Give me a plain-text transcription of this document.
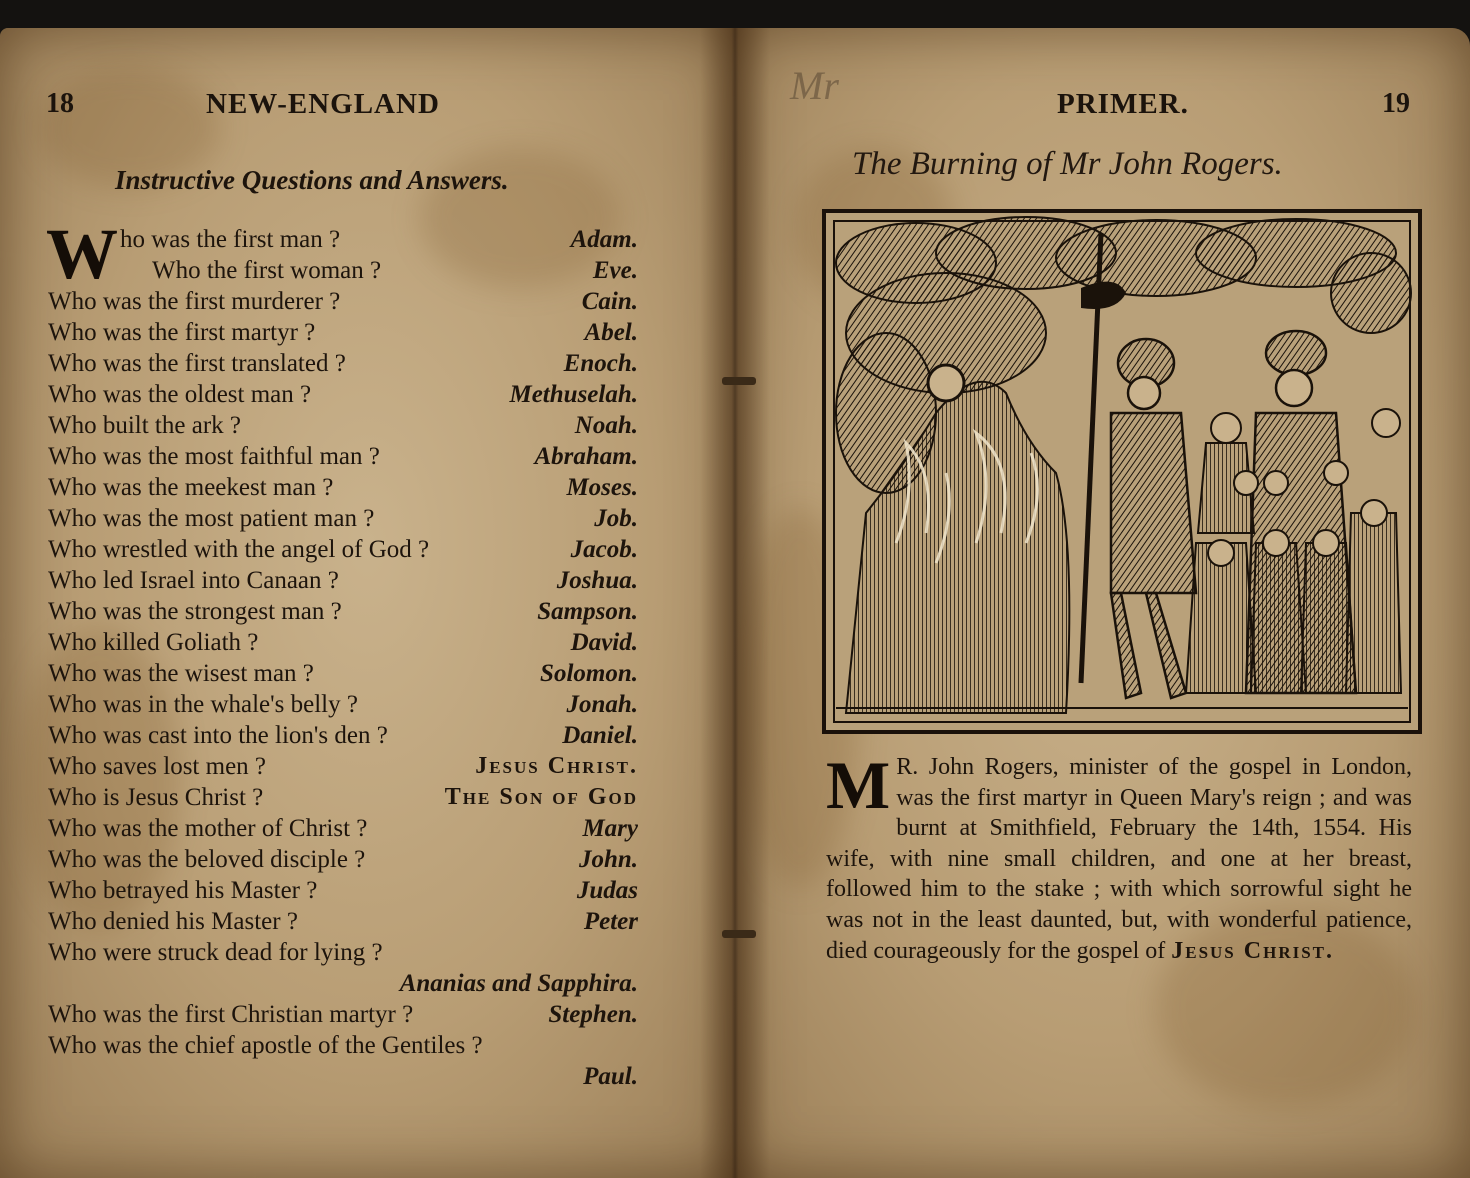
18	NEW-ENGLAND
Instructive Questions and Answers.
W ho was the first man ?	Adam.
Who the first woman ?	Eve.
Who was the first murderer ?	Cain.
Who was the first martyr ?	Abel.
Who was the first translated ?	Enoch.
Who was the oldest man ?	Methuselah.
Who built the ark ?	Noah.
Who was the most faithful man ?	Abraham.
Who was the meekest man ?	Moses.
Who was the most patient man ?	Job.
Who wrestled with the angel of God ?	Jacob.
Who led Israel into Canaan ?	Joshua.
Who was the strongest man ?	Sampson.
Who killed Goliath ?	David.
Who was the wisest man ?	Solomon.
Who was in the whale's belly ?	Jonah.
Who was cast into the lion's den ?	Daniel.
Who saves lost men ?	Jesus Christ.
Who is Jesus Christ ?	The Son of God
Who was the mother of Christ ?	Mary
Who was the beloved disciple ?	John.
Who betrayed his Master ?	Judas
Who denied his Master ?	Peter
Who were struck dead for lying ?
Ananias and Sapphira.
Who was the first Christian martyr ?	Stephen.
Who was the chief apostle of the Gentiles ?
Paul.
Mr	PRIMER.	19
The Burning of Mr John Rogers.
M R. John Rogers, minister of the gospel in London, was the first martyr in Queen Mary's reign ; and was burnt at Smithfield, February the 14th, 1554. His wife, with nine small children, and one at her breast, followed him to the stake ; with which sorrowful sight he was not in the least daunted, but, with wonderful patience, died courageously for the gospel of Jesus Christ.
